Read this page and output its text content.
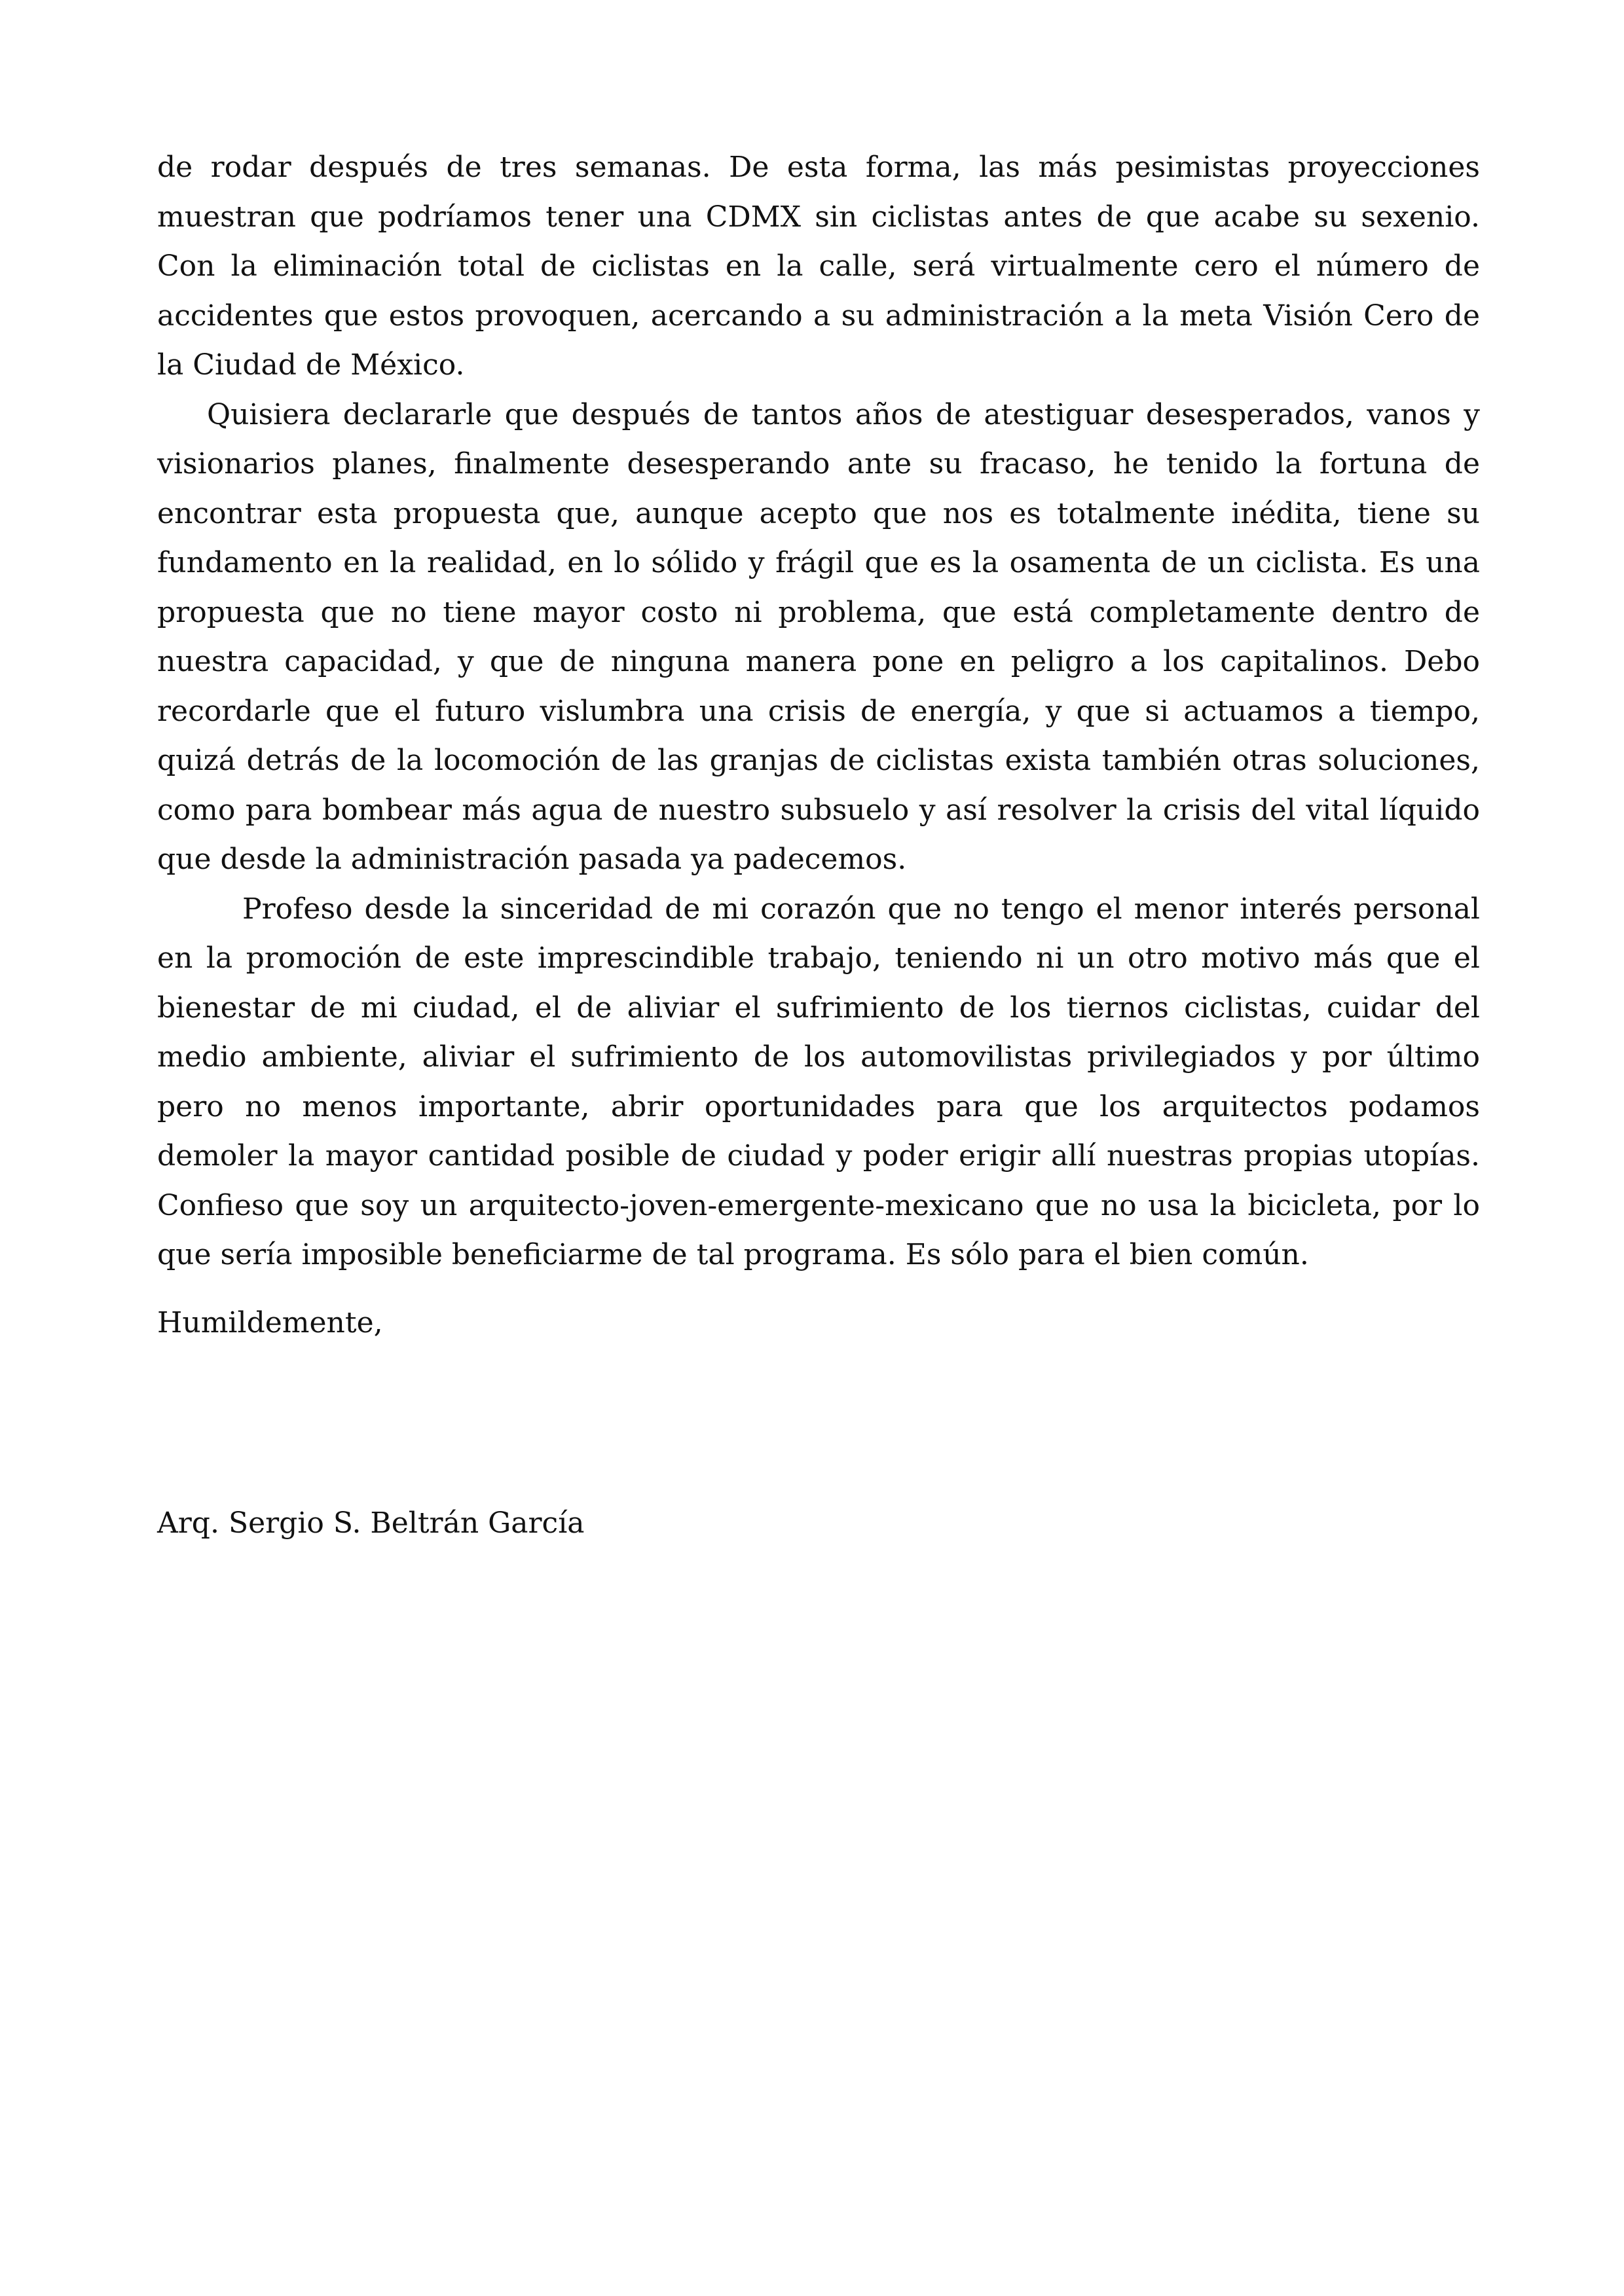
de rodar después de tres semanas. De esta forma, las más pesimistas proyecciones muestran que podríamos tener una CDMX sin ciclistas antes de que acabe su sexenio. Con la eliminación total de ciclistas en la calle, será virtualmente cero el número de accidentes que estos provoquen, acercando a su administración a la meta Visión Cero de la Ciudad de México.

Quisiera declararle que después de tantos años de atestiguar desesperados, vanos y visionarios planes, finalmente desesperando ante su fracaso, he tenido la fortuna de encontrar esta propuesta que, aunque acepto que nos es totalmente inédita, tiene su fundamento en la realidad, en lo sólido y frágil que es la osamenta de un ciclista. Es una propuesta que no tiene mayor costo ni problema, que está completamente dentro de nuestra capacidad, y que de ninguna manera pone en peligro a los capitalinos. Debo recordarle que el futuro vislumbra una crisis de energía, y que si actuamos a tiempo, quizá detrás de la locomoción de las granjas de ciclistas exista también otras soluciones, como para bombear más agua de nuestro subsuelo y así resolver la crisis del vital líquido que desde la administración pasada ya padecemos.

Profeso desde la sinceridad de mi corazón que no tengo el menor interés personal en la promoción de este imprescindible trabajo, teniendo ni un otro motivo más que el bienestar de mi ciudad, el de aliviar el sufrimiento de los tiernos ciclistas, cuidar del medio ambiente, aliviar el sufrimiento de los automovilistas privilegiados y por último pero no menos importante, abrir oportunidades para que los arquitectos podamos demoler la mayor cantidad posible de ciudad y poder erigir allí nuestras propias utopías. Confieso que soy un arquitecto-joven-emergente-mexicano que no usa la bicicleta, por lo que sería imposible beneficiarme de tal programa. Es sólo para el bien común.

Humildemente,

Arq. Sergio S. Beltrán García
